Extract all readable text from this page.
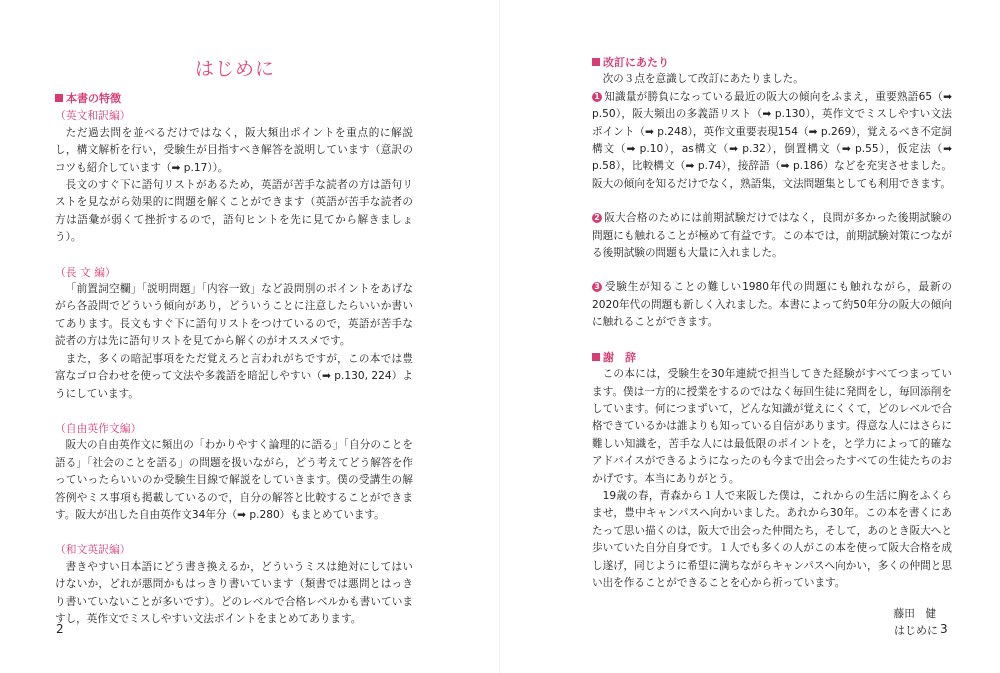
はじめに
本書の特徴
（英文和訳編）

ただ過去問を並べるだけではなく，阪大頻出ポイントを重点的に解説し，構文解析を行い，受験生が目指すべき解答を説明しています（意訳のコツも紹介しています（➡ p.17））。

長文のすぐ下に語句リストがあるため，英語が苦手な読者の方は語句リストを見ながら効果的に問題を解くことができます（英語が苦手な読者の方は語彙が弱くて挫折するので，語句ヒントを先に見てから解きましょう）。

（長 文 編）

「前置詞空欄」「説明問題」「内容一致」など設問別のポイントをあげながら各設問でどういう傾向があり，どういうことに注意したらいいか書いてあります。長文もすぐ下に語句リストをつけているので，英語が苦手な読者の方は先に語句リストを見てから解くのがオススメです。

また，多くの暗記事項をただ覚えろと言われがちですが，この本では豊富なゴロ合わせを使って文法や多義語を暗記しやすい（➡ p.130, 224）ようにしています。

（自由英作文編）

阪大の自由英作文に頻出の「わかりやすく論理的に語る」「自分のことを語る」「社会のことを語る」の問題を扱いながら，どう考えてどう解答を作っていったらいいのか受験生目線で解説をしていきます。僕の受講生の解答例やミス事項も掲載しているので，自分の解答と比較することができます。阪大が出した自由英作文34年分（➡ p.280）もまとめています。

（和文英訳編）

書きやすい日本語にどう書き換えるか，どういうミスは絶対にしてはいけないか，どれが悪問かもはっきり書いています（類書では悪問とはっきり書いていないことが多いです）。どのレベルで合格レベルかも書いていますし，英作文でミスしやすい文法ポイントをまとめてあります。

2
改訂にあたり

次の３点を意識して改訂にあたりました。

1 知識量が勝負になっている最近の阪大の傾向をふまえ，重要熟語65（➡ p.50），阪大頻出の多義語リスト（➡ p.130），英作文でミスしやすい文法ポイント（➡ p.248），英作文重要表現154（➡ p.269），覚えるべき不定詞構文（➡ p.10），as構文（➡ p.32），倒置構文（➡ p.55），仮定法（➡ p.58），比較構文（➡ p.74），接辞語（➡ p.186）などを充実させました。阪大の傾向を知るだけでなく，熟語集，文法問題集としても利用できます。

2 阪大合格のためには前期試験だけではなく，良問が多かった後期試験の問題にも触れることが極めて有益です。この本では，前期試験対策につながる後期試験の問題も大量に入れました。

3 受験生が知ることの難しい1980年代の問題にも触れながら，最新の2020年代の問題も新しく入れました。本書によって約50年分の阪大の傾向に触れることができます。

謝　辞

この本には，受験生を30年連続で担当してきた経験がすべてつまっています。僕は一方的に授業をするのではなく毎回生徒に発問をし，毎回添削をしています。何につまずいて，どんな知識が覚えにくくて，どのレベルで合格できているかは誰よりも知っている自信があります。得意な人にはさらに難しい知識を，苦手な人には最低限のポイントを，と学力によって的確なアドバイスができるようになったのも今まで出会ったすべての生徒たちのおかげです。本当にありがとう。

19歳の春，青森から１人で来阪した僕は，これからの生活に胸をふくらませ，豊中キャンパスへ向かいました。あれから30年。この本を書くにあたって思い描くのは，阪大で出会った仲間たち，そして，あのとき阪大へと歩いていた自分自身です。１人でも多くの人がこの本を使って阪大合格を成し遂げ，同じように希望に満ちながらキャンパスへ向かい，多くの仲間と思い出を作ることができることを心から祈っています。

藤田　健
はじめに 3
